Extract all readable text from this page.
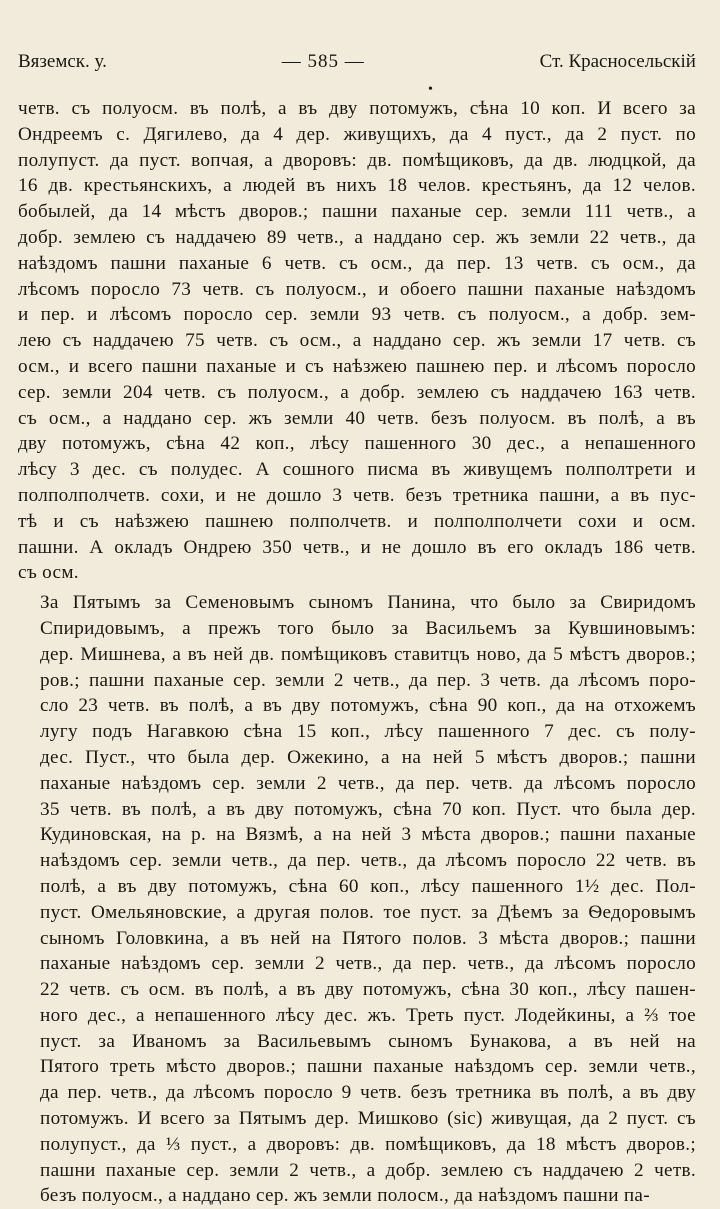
Вяземск. у.	— 585 —	Ст. Красносельскій
•

четв. съ полуосм. въ полѣ, а въ дву потомужъ, сѣна 10 коп. И всего за
Ондреемъ с. Дягилево, да 4 дер. живущихъ, да 4 пуст., да 2 пуст. по
полупуст. да пуст. вопчая, а дворовъ: дв. помѣщиковъ, да дв. людцкой, да
16 дв. крестьянскихъ, а людей въ нихъ 18 челов. крестьянъ, да 12 челов.
бобылей, да 14 мѣстъ дворов.; пашни паханые сер. земли 111 четв., а
добр. землею съ наддачею 89 четв., а наддано сер. жъ земли 22 четв., да
наѣздомъ пашни паханые 6 четв. съ осм., да пер. 13 четв. съ осм., да
лѣсомъ поросло 73 четв. съ полуосм., и обоего пашни паханые наѣздомъ
и пер. и лѣсомъ поросло сер. земли 93 четв. съ полуосм., а добр. зем-
лею съ наддачею 75 четв. съ осм., а наддано сер. жъ земли 17 четв. съ
осм., и всего пашни паханые и съ наѣзжею пашнею пер. и лѣсомъ поросло
сер. земли 204 четв. съ полуосм., а добр. землею съ наддачею 163 четв.
съ осм., а наддано сер. жъ земли 40 четв. безъ полуосм. въ полѣ, а въ
дву потомужъ, сѣна 42 коп., лѣсу пашенного 30 дес., а непашенного
лѣсу 3 дес. съ полудес. А сошного писма въ живущемъ полполтрети и
полполполчетв. сохи, и не дошло 3 четв. безъ третника пашни, а въ пус-
тѣ и съ наѣзжею пашнею полполчетв. и полполполчети сохи и осм.
пашни. А окладъ Ондрею 350 четв., и не дошло въ его окладъ 186 четв.
съ осм.

За Пятымъ за Семеновымъ сыномъ Панина, что было за Свиридомъ
Спиридовымъ, а прежъ того было за Васильемъ за Кувшиновымъ:
дер. Мишнева, а въ ней дв. помѣщиковъ ставитцъ ново, да 5 мѣстъ дворов.;
ров.; пашни паханые сер. земли 2 четв., да пер. 3 четв. да лѣсомъ поро-
сло 23 четв. въ полѣ, а въ дву потомужъ, сѣна 90 коп., да на отхожемъ
лугу подъ Нагавкою сѣна 15 коп., лѣсу пашенного 7 дес. съ полу-
дес. Пуст., что была дер. Ожекино, а на ней 5 мѣстъ дворов.; пашни
паханые наѣздомъ сер. земли 2 четв., да пер. четв. да лѣсомъ поросло
35 четв. въ полѣ, а въ дву потомужъ, сѣна 70 коп. Пуст. что была дер.
Кудиновская, на р. на Вязмѣ, а на ней 3 мѣста дворов.; пашни паханые
наѣздомъ сер. земли четв., да пер. четв., да лѣсомъ поросло 22 четв. въ
полѣ, а въ дву потомужъ, сѣна 60 коп., лѣсу пашенного 1½ дес. Пол-
пуст. Омельяновские, а другая полов. тое пуст. за Дѣемъ за Ѳедоровымъ
сыномъ Головкина, а въ ней на Пятого полов. 3 мѣста дворов.; пашни
паханые наѣздомъ сер. земли 2 четв., да пер. четв., да лѣсомъ поросло
22 четв. съ осм. въ полѣ, а въ дву потомужъ, сѣна 30 коп., лѣсу пашен-
ного дес., а непашенного лѣсу дес. жъ. Треть пуст. Лодейкины, а ⅔ тое
пуст. за Иваномъ за Васильевымъ сыномъ Бунакова, а въ ней на
Пятого треть мѣсто дворов.; пашни паханые наѣздомъ сер. земли четв.,
да пер. четв., да лѣсомъ поросло 9 четв. безъ третника въ полѣ, а въ дву
потомужъ. И всего за Пятымъ дер. Мишково (sic) живущая, да 2 пуст. съ
полупуст., да ⅓ пуст., а дворовъ: дв. помѣщиковъ, да 18 мѣстъ дворов.;
пашни паханые сер. земли 2 четв., а добр. землею съ наддачею 2 четв.
безъ полуосм., а наддано сер. жъ земли полосм., да наѣздомъ пашни па-
